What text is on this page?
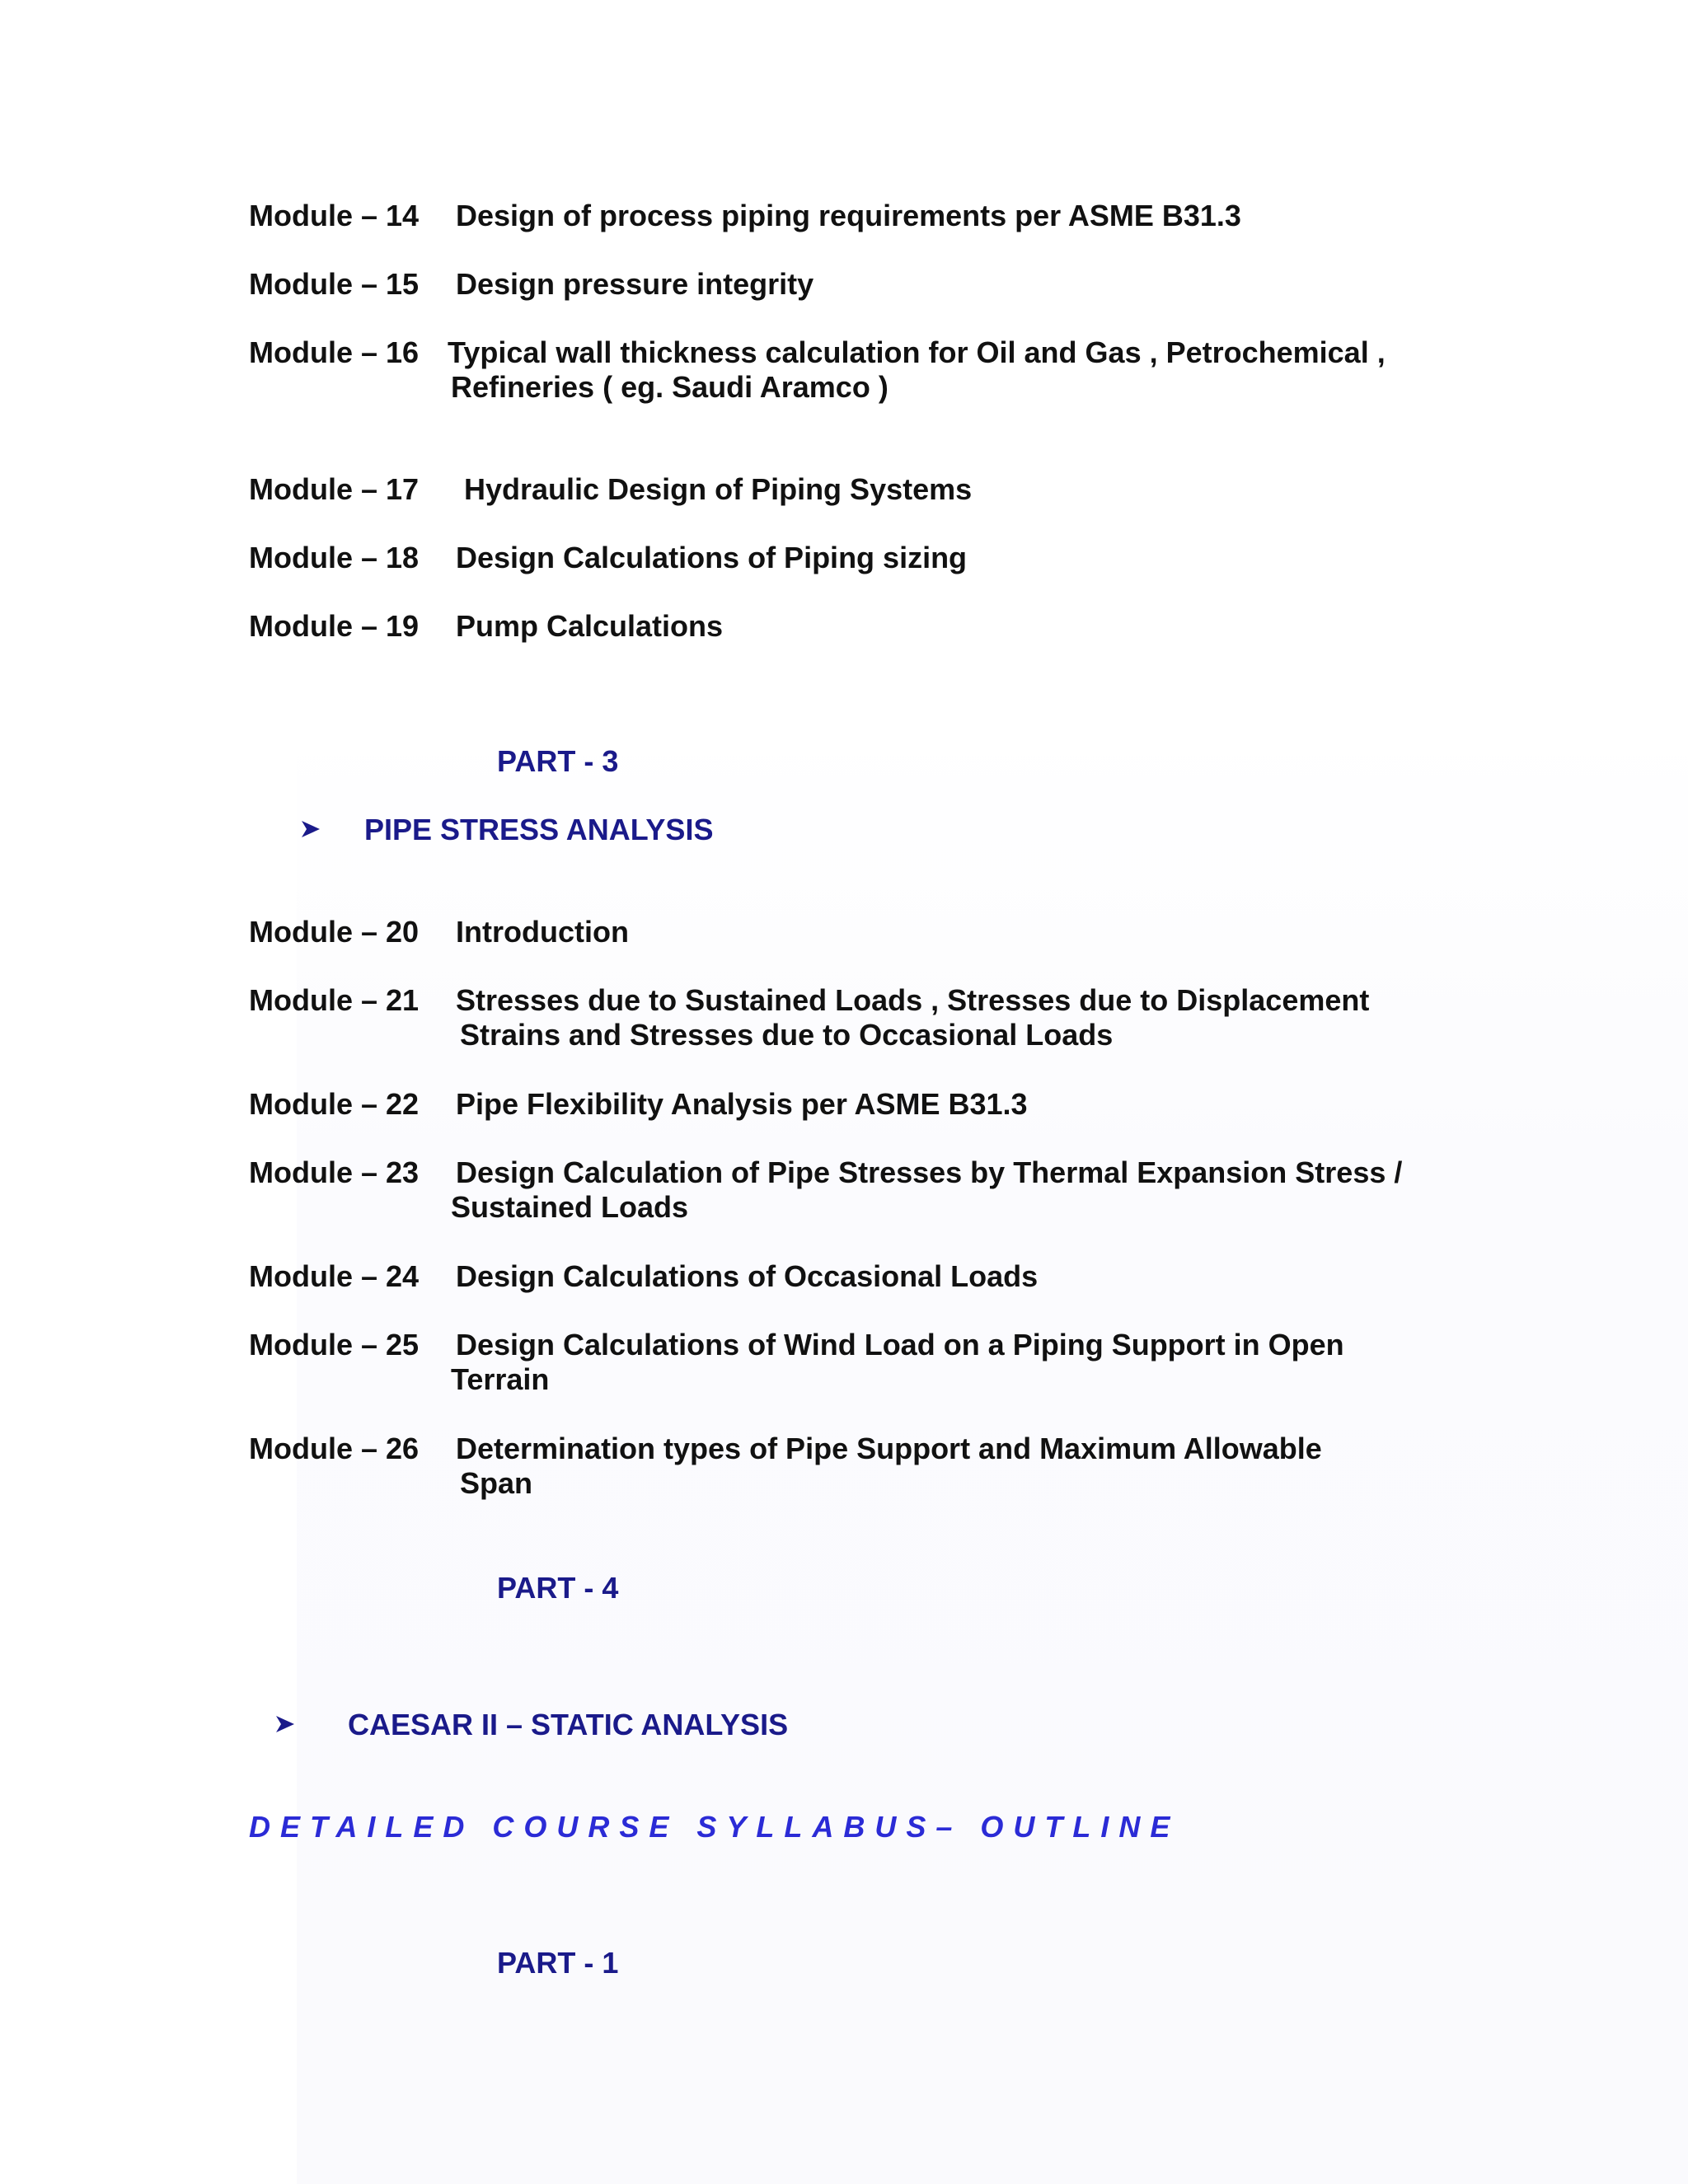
Module – 14 Design of process piping requirements per ASME B31.3
Module – 15 Design pressure integrity
Module – 16 Typical wall thickness calculation for Oil and Gas , Petrochemical ,
Refineries ( eg. Saudi Aramco )
Module – 17 Hydraulic Design of Piping Systems
Module – 18 Design Calculations of Piping sizing
Module – 19 Pump Calculations
PART - 3
PIPE STRESS ANALYSIS
Module – 20 Introduction
Module – 21 Stresses due to Sustained Loads , Stresses due to Displacement
Strains and Stresses due to Occasional Loads
Module – 22 Pipe Flexibility Analysis per ASME B31.3
Module – 23 Design Calculation of Pipe Stresses by Thermal Expansion Stress /
Sustained Loads
Module – 24 Design Calculations of Occasional Loads
Module – 25 Design Calculations of Wind Load on a Piping Support in Open
Terrain
Module – 26 Determination types of Pipe Support and Maximum Allowable
Span
PART - 4
CAESAR II – STATIC ANALYSIS
DETAILED COURSE SYLLABUS– OUTLINE
PART - 1
